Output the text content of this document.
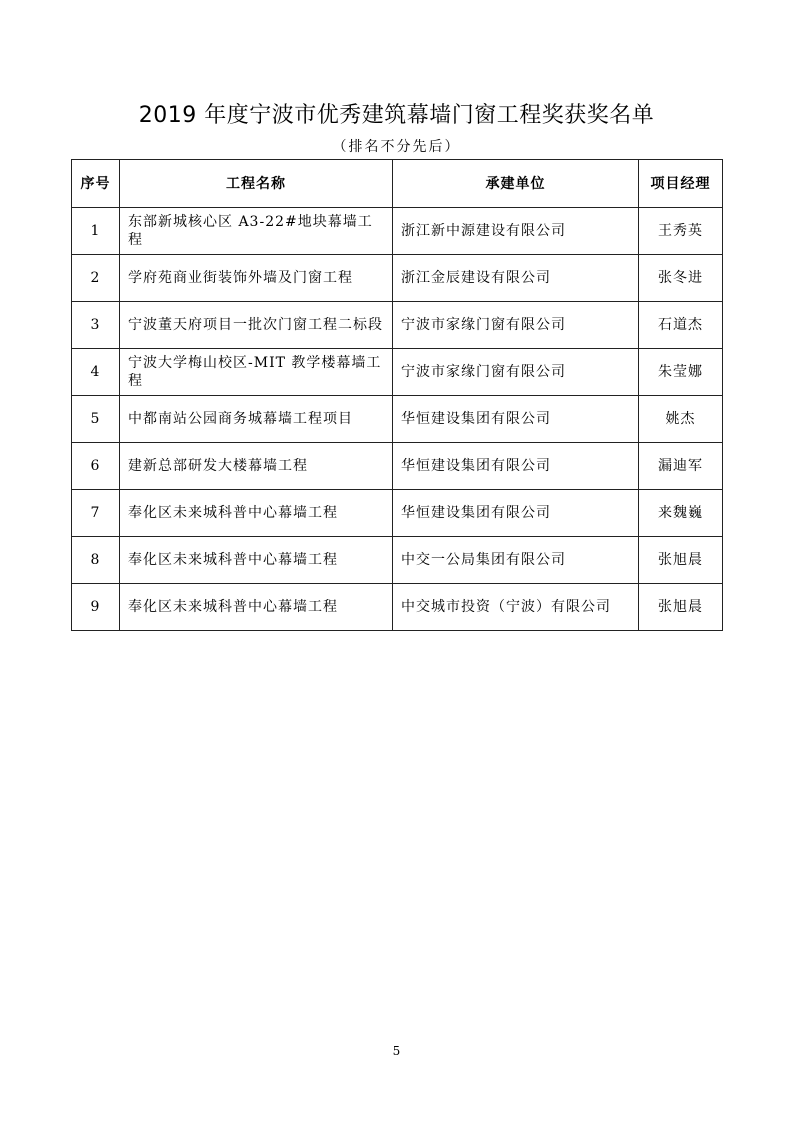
2019 年度宁波市优秀建筑幕墙门窗工程奖获奖名单
（排名不分先后）
序号	工程名称	承建单位	项目经理
1	东部新城核心区 A3-22#地块幕墙工程	浙江新中源建设有限公司	王秀英
2	学府苑商业街装饰外墙及门窗工程	浙江金辰建设有限公司	张冬进
3	宁波董天府项目一批次门窗工程二标段	宁波市家缘门窗有限公司	石道杰
4	宁波大学梅山校区-MIT 教学楼幕墙工程	宁波市家缘门窗有限公司	朱莹娜
5	中都南站公园商务城幕墙工程项目	华恒建设集团有限公司	姚杰
6	建新总部研发大楼幕墙工程	华恒建设集团有限公司	漏迪军
7	奉化区未来城科普中心幕墙工程	华恒建设集团有限公司	来魏巍
8	奉化区未来城科普中心幕墙工程	中交一公局集团有限公司	张旭晨
9	奉化区未来城科普中心幕墙工程	中交城市投资（宁波）有限公司	张旭晨
5
